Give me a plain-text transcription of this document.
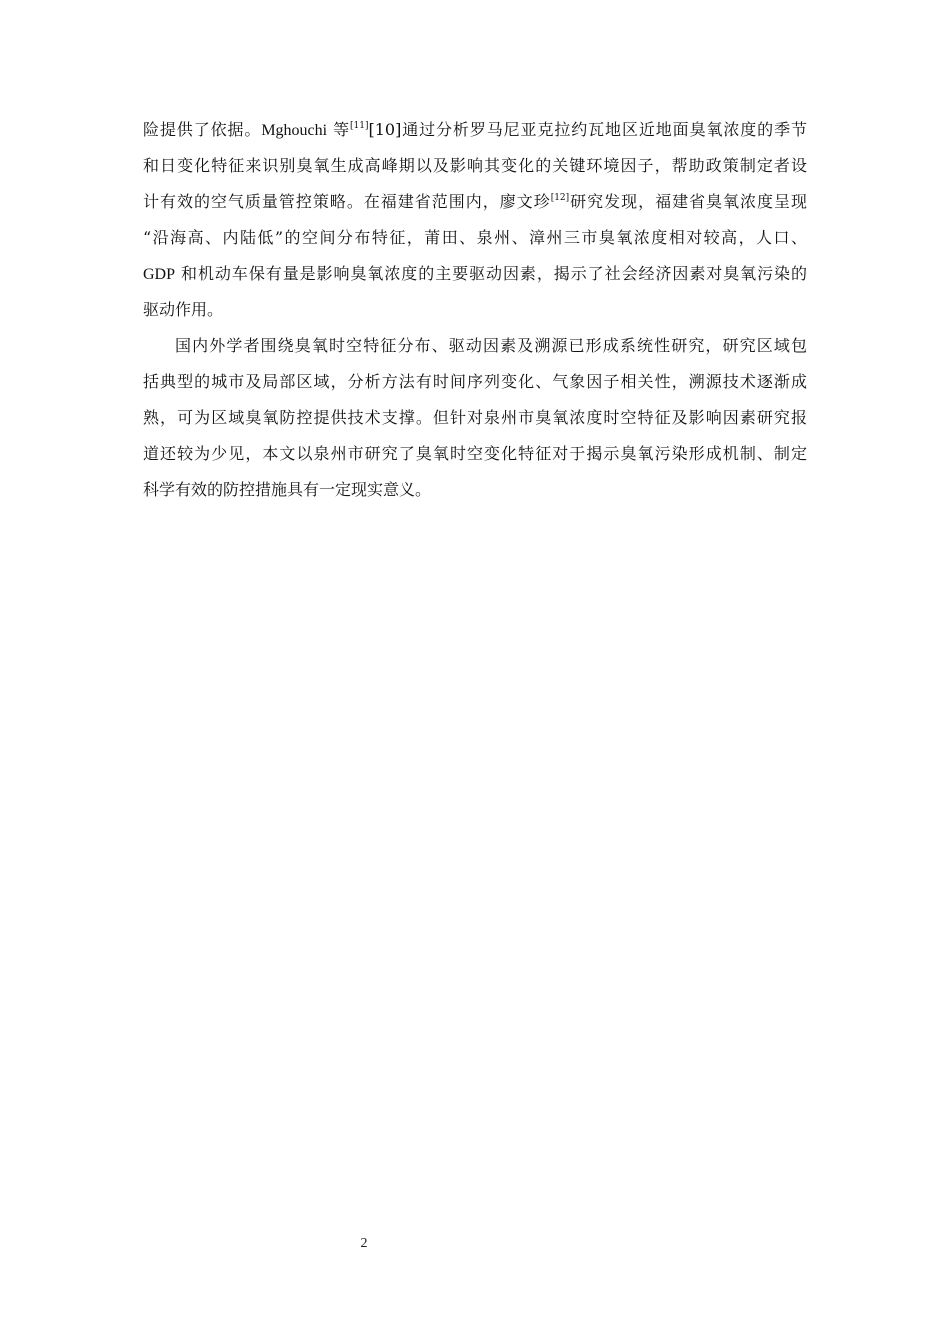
险提供了依据。Mghouchi 等[11][10]通过分析罗马尼亚克拉约瓦地区近地面臭氧浓度的季节
和日变化特征来识别臭氧生成高峰期以及影响其变化的关键环境因子，帮助政策制定者设
计有效的空气质量管控策略。在福建省范围内，廖文珍[12]研究发现，福建省臭氧浓度呈现
“沿海高、内陆低”的空间分布特征，莆田、泉州、漳州三市臭氧浓度相对较高，人口、
GDP 和机动车保有量是影响臭氧浓度的主要驱动因素，揭示了社会经济因素对臭氧污染的
驱动作用。
国内外学者围绕臭氧时空特征分布、驱动因素及溯源已形成系统性研究，研究区域包
括典型的城市及局部区域，分析方法有时间序列变化、气象因子相关性，溯源技术逐渐成
熟，可为区域臭氧防控提供技术支撑。但针对泉州市臭氧浓度时空特征及影响因素研究报
道还较为少见，本文以泉州市研究了臭氧时空变化特征对于揭示臭氧污染形成机制、制定
科学有效的防控措施具有一定现实意义。
2
